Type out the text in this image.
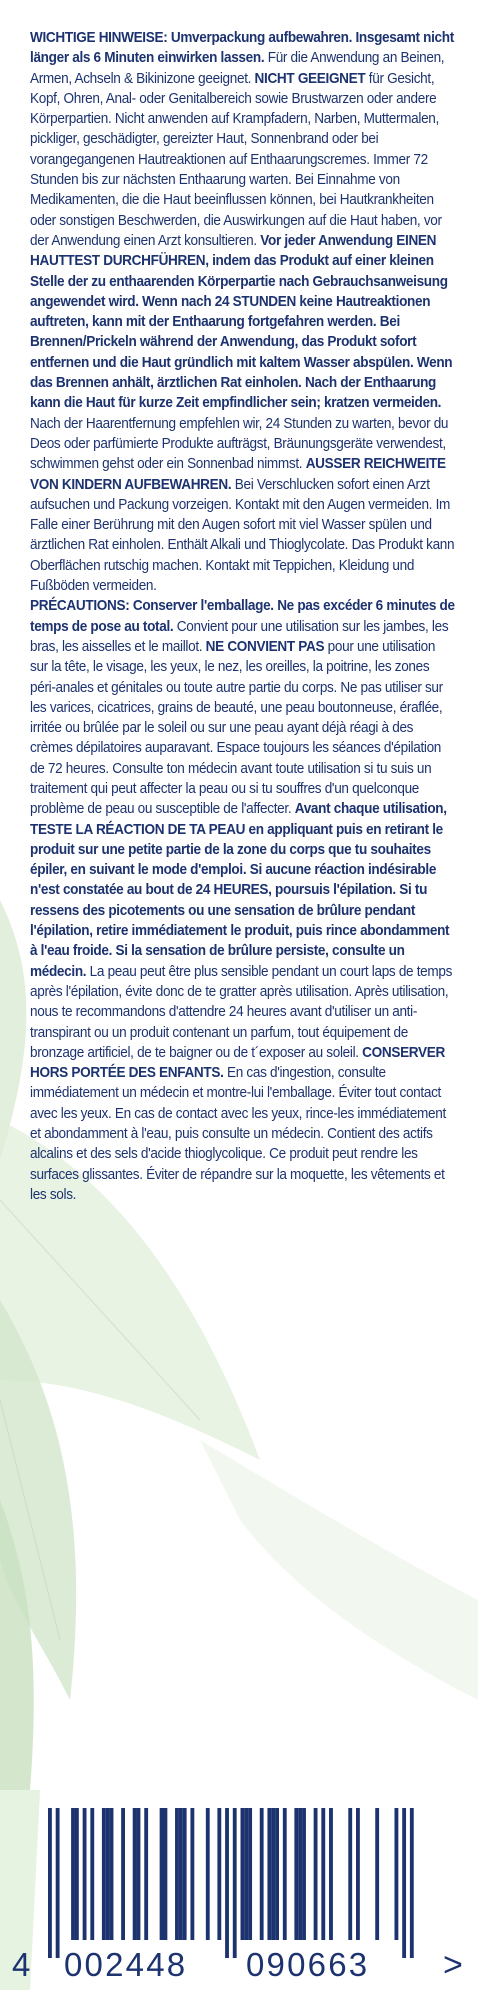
WICHTIGE HINWEISE: Umverpackung aufbewahren. Insgesamt nicht länger als 6 Minuten einwirken lassen. Für die Anwendung an Beinen, Armen, Achseln & Bikinizone geeignet. NICHT GEEIGNET für Gesicht, Kopf, Ohren, Anal- oder Genitalbereich sowie Brustwarzen oder andere Körperpartien. Nicht anwenden auf Krampfadern, Narben, Muttermalen, pickliger, geschädigter, gereizter Haut, Sonnenbrand oder bei vorangegangenen Hautreaktionen auf Enthaarungscremes. Immer 72 Stunden bis zur nächsten Enthaarung warten. Bei Einnahme von Medikamenten, die die Haut beeinflussen können, bei Hautkrankheiten oder sonstigen Beschwerden, die Auswirkungen auf die Haut haben, vor der Anwendung einen Arzt konsultieren. Vor jeder Anwendung EINEN HAUTTEST DURCHFÜHREN, indem das Produkt auf einer kleinen Stelle der zu enthaarenden Körperpartie nach Gebrauchsanweisung angewendet wird. Wenn nach 24 STUNDEN keine Hautreaktionen auftreten, kann mit der Enthaarung fortgefahren werden. Bei Brennen/Prickeln während der Anwendung, das Produkt sofort entfernen und die Haut gründlich mit kaltem Wasser abspülen. Wenn das Brennen anhält, ärztlichen Rat einholen. Nach der Enthaarung kann die Haut für kurze Zeit empfindlicher sein; kratzen vermeiden. Nach der Haarentfernung empfehlen wir, 24 Stunden zu warten, bevor du Deos oder parfümierte Produkte aufträgst, Bräunungsgeräte verwendest, schwimmen gehst oder ein Sonnenbad nimmst. AUSSER REICHWEITE VON KINDERN AUFBEWAHREN. Bei Verschlucken sofort einen Arzt aufsuchen und Packung vorzeigen. Kontakt mit den Augen vermeiden. Im Falle einer Berührung mit den Augen sofort mit viel Wasser spülen und ärztlichen Rat einholen. Enthält Alkali und Thioglycolate. Das Produkt kann Oberflächen rutschig machen. Kontakt mit Teppichen, Kleidung und Fußböden vermeiden.

PRÉCAUTIONS: Conserver l'emballage. Ne pas excéder 6 minutes de temps de pose au total. Convient pour une utilisation sur les jambes, les bras, les aisselles et le maillot. NE CONVIENT PAS pour une utilisation sur la tête, le visage, les yeux, le nez, les oreilles, la poitrine, les zones péri-anales et génitales ou toute autre partie du corps. Ne pas utiliser sur les varices, cicatrices, grains de beauté, une peau boutonneuse, éraflée, irritée ou brûlée par le soleil ou sur une peau ayant déjà réagi à des crèmes dépilatoires auparavant. Espace toujours les séances d'épilation de 72 heures. Consulte ton médecin avant toute utilisation si tu suis un traitement qui peut affecter la peau ou si tu souffres d'un quelconque problème de peau ou susceptible de l'affecter. Avant chaque utilisation, TESTE LA RÉACTION DE TA PEAU en appliquant puis en retirant le produit sur une petite partie de la zone du corps que tu souhaites épiler, en suivant le mode d'emploi. Si aucune réaction indésirable n'est constatée au bout de 24 HEURES, poursuis l'épilation. Si tu ressens des picotements ou une sensation de brûlure pendant l'épilation, retire immédiatement le produit, puis rince abondamment à l'eau froide. Si la sensation de brûlure persiste, consulte un médecin. La peau peut être plus sensible pendant un court laps de temps après l'épilation, évite donc de te gratter après utilisation. Après utilisation, nous te recommandons d'attendre 24 heures avant d'utiliser un anti-transpirant ou un produit contenant un parfum, tout équipement de bronzage artificiel, de te baigner ou de t´exposer au soleil. CONSERVER HORS PORTÉE DES ENFANTS. En cas d'ingestion, consulte immédiatement un médecin et montre-lui l'emballage. Éviter tout contact avec les yeux. En cas de contact avec les yeux, rince-les immédiatement et abondamment à l'eau, puis consulte un médecin. Contient des actifs alcalins et des sels d'acide thioglycolique. Ce produit peut rendre les surfaces glissantes. Éviter de répandre sur la moquette, les vêtements et les sols.

4 002448 090663 >
